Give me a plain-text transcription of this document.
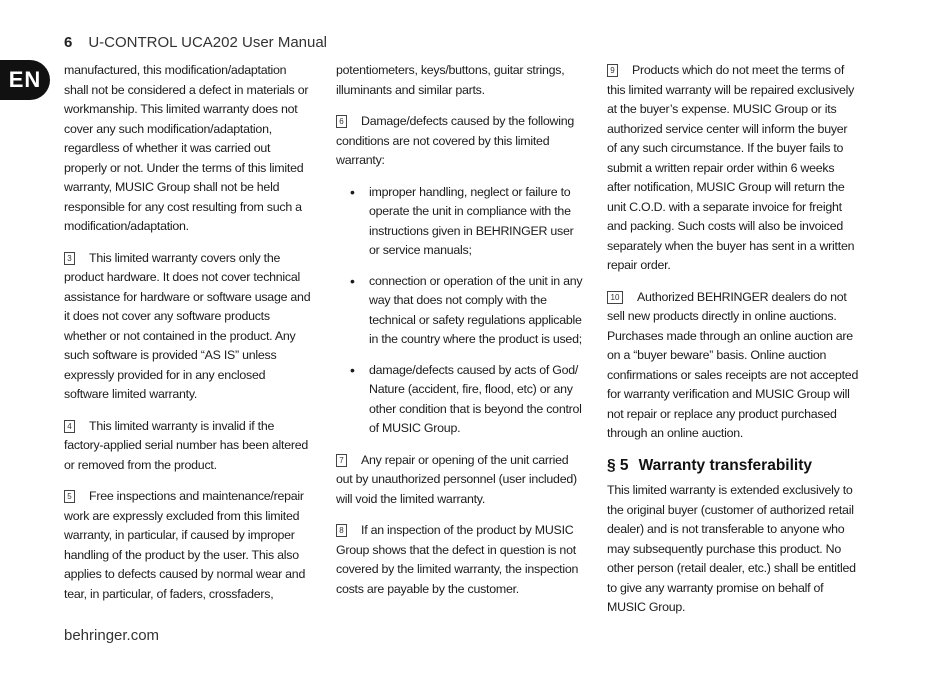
6 U-CONTROL UCA202 User Manual
EN	manufactured, this modification/adaptation shall not be considered a defect in materials or workmanship. This limited warranty does not cover any such modification/adaptation, regardless of whether it was carried out properly or not. Under the terms of this limited warranty, MUSIC Group shall not be held responsible for any cost resulting from such a modification/adaptation.

3 This limited warranty covers only the product hardware. It does not cover technical assistance for hardware or software usage and it does not cover any software products whether or not contained in the product. Any such software is provided “AS IS” unless expressly provided for in any enclosed software limited warranty.

4 This limited warranty is invalid if the factory-applied serial number has been altered or removed from the product.

5 Free inspections and maintenance/repair work are expressly excluded from this limited warranty, in particular, if caused by improper handling of the product by the user. This also applies to defects caused by normal wear and tear, in particular, of faders, crossfaders,

potentiometers, keys/buttons, guitar strings, illuminants and similar parts.

6 Damage/defects caused by the following conditions are not covered by this limited warranty:

• improper handling, neglect or failure to operate the unit in compliance with the instructions given in BEHRINGER user or service manuals;
• connection or operation of the unit in any way that does not comply with the technical or safety regulations applicable in the country where the product is used;
• damage/defects caused by acts of God/ Nature (accident, fire, flood, etc) or any other condition that is beyond the control of MUSIC Group.

7 Any repair or opening of the unit carried out by unauthorized personnel (user included) will void the limited warranty.

8 If an inspection of the product by MUSIC Group shows that the defect in question is not covered by the limited warranty, the inspection costs are payable by the customer.

9 Products which do not meet the terms of this limited warranty will be repaired exclusively at the buyer’s expense. MUSIC Group or its authorized service center will inform the buyer of any such circumstance. If the buyer fails to submit a written repair order within 6 weeks after notification, MUSIC Group will return the unit C.O.D. with a separate invoice for freight and packing. Such costs will also be invoiced separately when the buyer has sent in a written repair order.

10 Authorized BEHRINGER dealers do not sell new products directly in online auctions. Purchases made through an online auction are on a “buyer beware” basis. Online auction confirmations or sales receipts are not accepted for warranty verification and MUSIC Group will not repair or replace any product purchased through an online auction.

§ 5 Warranty transferability

This limited warranty is extended exclusively to the original buyer (customer of authorized retail dealer) and is not transferable to anyone who may subsequently purchase this product. No other person (retail dealer, etc.) shall be entitled to give any warranty promise on behalf of MUSIC Group.

behringer.com
